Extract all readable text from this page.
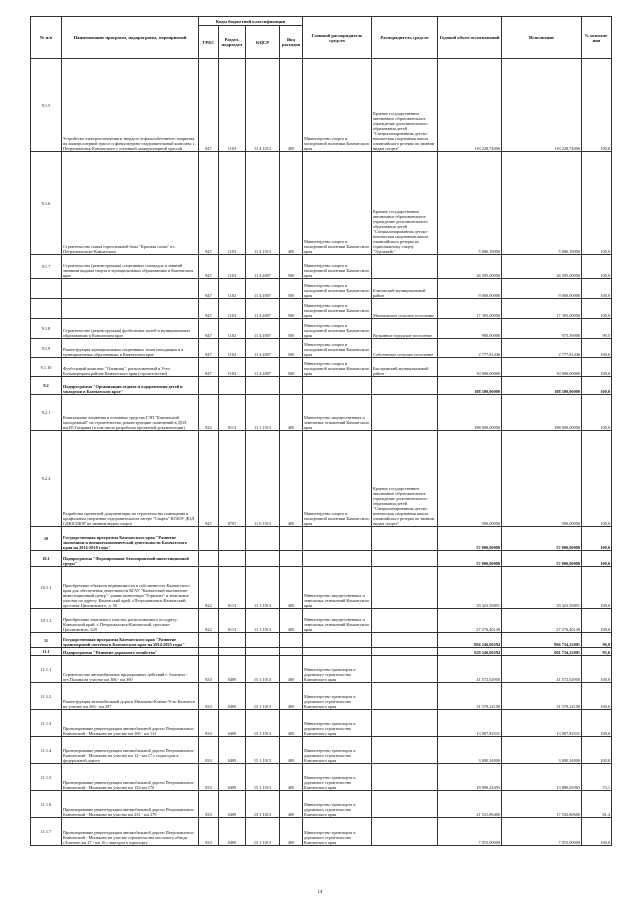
№ п/п	Наименование программ, подпрограмм, мероприятий	Коды бюджетной классификации				Главный распорядитель средств	Распорядитель средств	Годовой объем ассигнований	Исполнение	% исполне-ния
		ГРБС	Раздел, подраздел	КЦСР	Вид расходов					
9.1.5	Устройство электроосвещения и твердого асфальтобетонного покрытия на лыжероллерной трассе и физкультурно-оздоровительный комплекс с. Петропавловск-Камчатского с основной лыжероллерной трассой	847	1103	11 4 1013	400	Министерство спорта и молодежной политики Камчатского края	Краевое государственное автономное образовательное учреждение дополнительного образования детей "Специализированная детско-юношеская спортивная школа олимпийского резерва по зимним видам спорта"	116 228,74000	116 228,74000	100,0
9.1.6	Строительство сынка горнолыжной базы "Красная сопка" в г. Петропавловске-Камчатском	847	1103	11 4 1013	400	Министерство спорта и молодежной политики Камчатского края	Краевое государственное автономное образовательное учреждение дополнительного образования детей "Специализированная детско-юношеская спортивная школа олимпийского резерва по горнолыжному спорту "Эдельвейс"	5 086,18000	5 086,18000	100,0
9.1.7	Строительство (реконструкция) спортивных площадок и занятий зимними видами спорта в муниципальных образованиях в Камчатском крае	847	1102	11 4 4007	500	Министерство спорта и молодежной политики Камчатского края		26 395,00000	26 395,00000	100,0
		847	1102	11 4 4007	500	Министерство спорта и молодежной политики Камчатского края	Елизовский муниципальный район	9 000,00000	9 000,00000	100,0
		847	1102	11 4 4007	500	Министерство спорта и молодежной политики Камчатского края	Мильковское сельское поселение	17 395,00000	17 395,00000	100,0
9.1.8	Строительство (реконструкция) футбольных полей в муниципальных образованиях в Камчатском крае	847	1102	11 4 4007	500	Министерство спорта и молодежной политики Камчатского края	Вулканное городское поселение	980,00000	975,39000	99,5
9.1.9	Реконструкция муниципальных спортивных залов находящихся в муниципальных образованиях в Камчатском крае	847	1102	11 4 4007	500	Министерство спорта и молодежной политики Камчатского края	Соболевское сельское поселение	2 777,81446	2 777,81446	100,0
9.1.10	Футбольный комплекс "Олимпия", расположенный в Усть-Большерецком районе Камчатского края (строительство)	847	1102	11 4 4007	500	Министерство спорта и молодежной политики Камчатского края	Быстринский муниципальный район	30 000,00000	30 000,00000	100,0
9.2	Подпрограмма "Организация отдыха и оздоровления детей и молодежи в Камчатском крае"							188 500,00000	188 500,00000	100,0
9.2.1	Капитальные вложения в основные средства ГЭП "Камчатский молодежный" на строительство, реконструкцию помещений в ДОЛ им.Ю.Гагарина (в том числе разработка проектной документации)	822	0113	11 1 1013	400	Министерство имущественных и земельных отношений Камчатского края		188 000,00000	188 000,00000	100,0
9.2.2	Разработка проектной документации на строительство помещения в профильном спортивно-оздоровительном лагере "Спарта" КГАОУ ДОД СДЮСШОР по зимним видам спорта	847	0707	11 6 1013	400	Министерство спорта и молодежной политики Камчатского края	Краевое государственное автономное образовательное учреждение дополнительного образования детей "Специализированная детско-юношеская спортивная школа олимпийского резерва по зимним видам спорта"	500,00000	500,00000	100,0
10	Государственная программа Камчатского края "Развитие экономики и внешнеэкономической деятельности Камчатского края на 2014-2018 годы"							57 000,00000	57 000,00000	100,0
10.1	Подпрограмма "Формирование благоприятной инвестиционной среды"							57 000,00000	57 000,00000	100,0
10.1.1	Приобретение объектов недвижимости в собственность Камчатского края для обеспечения деятельности КГАУ "Камчатский выставочно-инвестиционный центр": здание кинотеатра "Горизонт" и земельные участки по адресу: Камчатский край, г.Петропавловск-Камчатский, проспект Циолковского, д. 50	822	0113	11 1 1013	400	Министерство имущественных и земельных отношений Камчатского края		29 423,59851	29 423,59851	100,0
10.1.2	Приобретение земельного участка, расположенного по адресу: Камчатский край, г. Петропавловск-Камчатский, проспект Циолковского, 629	822	0113	11 1 1013	400	Министерство имущественных и земельных отношений Камчатского края		27 576,40149	27 576,40149	100,0
11	Государственная программа Камчатского края "Развитие транспортной системы в Камчатском крае на 2014-2025 годы"							894 246,60294	866 734,22001	96,9
11.1	Подпрограмма "Развитие дорожного хозяйства"							629 246,60294	601 734,22001	95,6
11.1.1	Строительство автомобильных придорожных действий г. Апатиты - пгт.Палана на участке км 386 - км 390	833	0409	15 1 1013	400	Министерство транспорта и дорожного строительства Камчатского края		41 572,02950	41 572,02950	100,0
11.1.2	Реконструкция автомобильной дороги Мильково-Ключи-Усть-Камчатск на участке км 263 - км 297	833	0409	15 1 1013	400	Министерство транспорта и дорожного строительства Камчатского края		31 579,24100	31 579,24100	100,0
11.1.3	Проектирование реконструкции автомобильной дороги Петропавловск-Камчатский - Мильково на участке км 106 - км 112	833	0409	15 1 1013	400	Министерство транспорта и дорожного строительства Камчатского края		13 007,82531	13 007,82531	100,0
11.1.4	Проектирование реконструкции автомобильной дороги Петропавловск-Камчатский - Мильково на участке км 12 - км 17 с подъездом к федеральной дороге	833	0409	15 1 1013	400	Министерство транспорта и дорожного строительства Камчатского края		3 090,34000	3 090,34000	100,0
11.1.5	Проектирование реконструкции автомобильной дороги Петропавловск-Камчатский - Мильково на участке км 152-км 170	833	0409	15 1 1013	400	Министерство транспорта и дорожного строительства Камчатского края		18 990,24493	13 880,65965	73,1
11.1.6	Проектирование реконструкции автомобильной дороги Петропавловск-Камчатский - Мильково на участке км 231 - км 279	833	0409	15 1 1013	400	Министерство транспорта и дорожного строительства Камчатского края		21 531,89400	17 532,80600	81,4
11.1.7	Проектирование реконструкции автомобильной дороги Петропавловск-Камчатский - Мильково на участке строительства мостового обхода г.Елизово км 27 - км 16 с выездом к аэропорту	833	0409	15 1 1013	400	Министерство транспорта и дорожного строительства Камчатского края		7 015,00000	7 015,00000	100,0
14
